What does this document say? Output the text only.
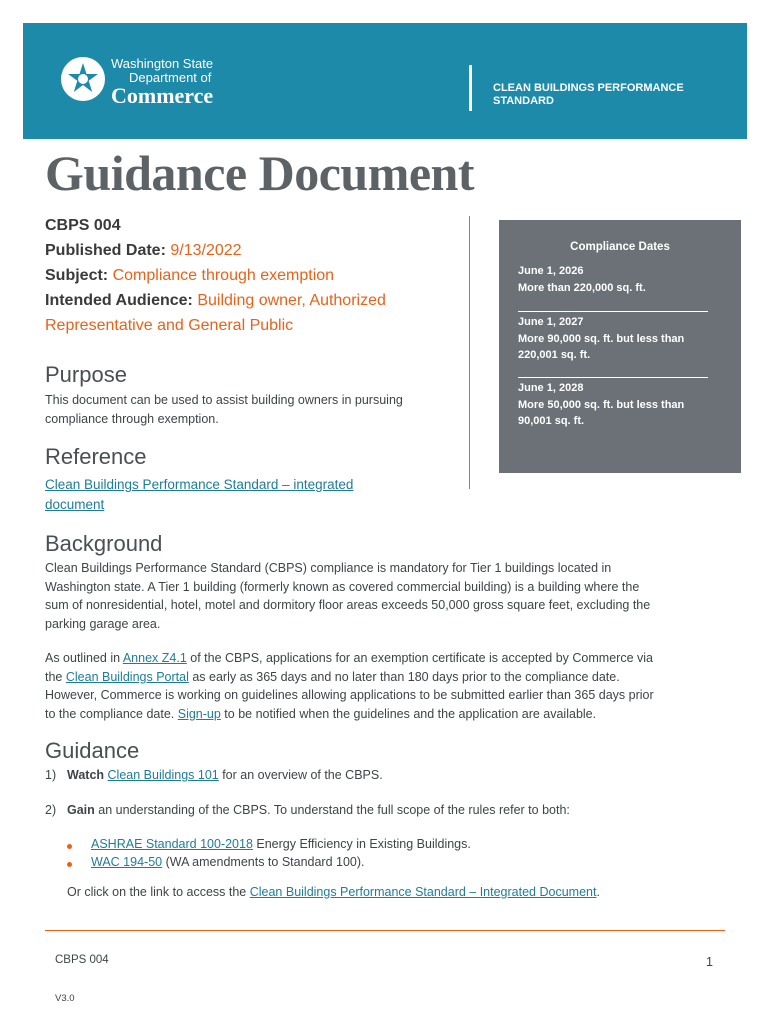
Washington State
Department of
Commerce	CLEAN BUILDINGS PERFORMANCE
STANDARD
Guidance Document
CBPS 004
Published Date: 9/13/2022
Subject: Compliance through exemption
Intended Audience: Building owner, Authorized
Representative and General Public
Compliance Dates
June 1, 2026
More than 220,000 sq. ft.
June 1, 2027
More 90,000 sq. ft. but less than
220,001 sq. ft.
June 1, 2028
More 50,000 sq. ft. but less than
90,001 sq. ft.
Purpose

This document can be used to assist building owners in pursuing
compliance through exemption.

Reference

Clean Buildings Performance Standard – integrated
document

Background

Clean Buildings Performance Standard (CBPS) compliance is mandatory for Tier 1 buildings located in
Washington state. A Tier 1 building (formerly known as covered commercial building) is a building where the
sum of nonresidential, hotel, motel and dormitory floor areas exceeds 50,000 gross square feet, excluding the
parking garage area.

As outlined in Annex Z4.1 of the CBPS, applications for an exemption certificate is accepted by Commerce via
the Clean Buildings Portal as early as 365 days and no later than 180 days prior to the compliance date.
However, Commerce is working on guidelines allowing applications to be submitted earlier than 365 days prior
to the compliance date. Sign-up to be notified when the guidelines and the application are available.

Guidance
1) Watch Clean Buildings 101 for an overview of the CBPS.
2) Gain an understanding of the CBPS. To understand the full scope of the rules refer to both:
ASHRAE Standard 100-2018 Energy Efficiency in Existing Buildings.
WAC 194-50 (WA amendments to Standard 100).
Or click on the link to access the Clean Buildings Performance Standard – Integrated Document.
CBPS 004	1
V3.0
